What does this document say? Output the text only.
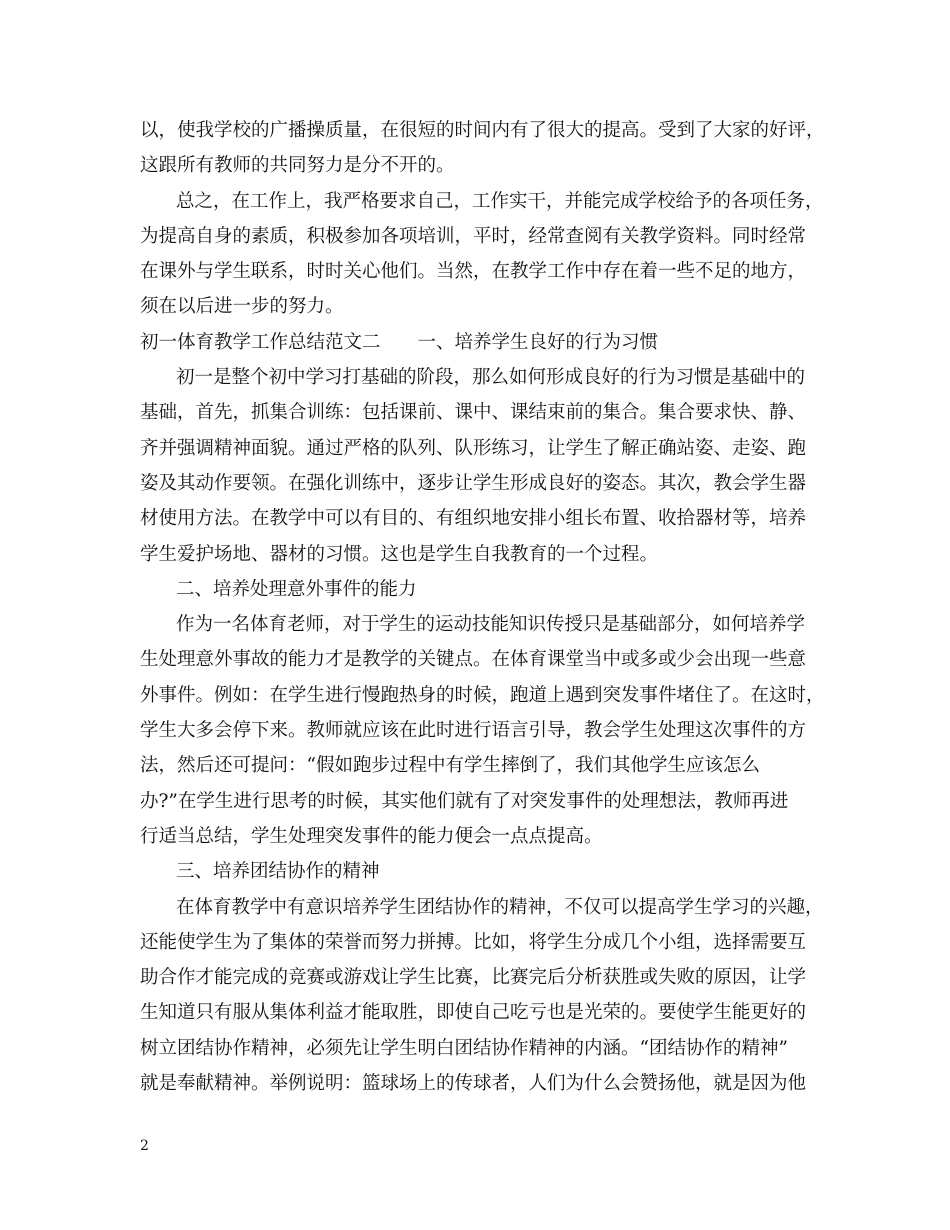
以，使我学校的广播操质量，在很短的时间内有了很大的提高。受到了大家的好评，
这跟所有教师的共同努力是分不开的。
总之，在工作上，我严格要求自己，工作实干，并能完成学校给予的各项任务，
为提高自身的素质，积极参加各项培训，平时，经常查阅有关教学资料。同时经常
在课外与学生联系，时时关心他们。当然，在教学工作中存在着一些不足的地方，
须在以后进一步的努力。
初一体育教学工作总结范文二　　一、培养学生良好的行为习惯
初一是整个初中学习打基础的阶段，那么如何形成良好的行为习惯是基础中的
基础，首先，抓集合训练：包括课前、课中、课结束前的集合。集合要求快、静、
齐并强调精神面貌。通过严格的队列、队形练习，让学生了解正确站姿、走姿、跑
姿及其动作要领。在强化训练中，逐步让学生形成良好的姿态。其次，教会学生器
材使用方法。在教学中可以有目的、有组织地安排小组长布置、收拾器材等，培养
学生爱护场地、器材的习惯。这也是学生自我教育的一个过程。
二、培养处理意外事件的能力
作为一名体育老师，对于学生的运动技能知识传授只是基础部分，如何培养学
生处理意外事故的能力才是教学的关键点。在体育课堂当中或多或少会出现一些意
外事件。例如：在学生进行慢跑热身的时候，跑道上遇到突发事件堵住了。在这时，
学生大多会停下来。教师就应该在此时进行语言引导，教会学生处理这次事件的方
法，然后还可提问：“假如跑步过程中有学生摔倒了，我们其他学生应该怎么
办?”在学生进行思考的时候，其实他们就有了对突发事件的处理想法，教师再进
行适当总结，学生处理突发事件的能力便会一点点提高。
三、培养团结协作的精神
在体育教学中有意识培养学生团结协作的精神，不仅可以提高学生学习的兴趣，
还能使学生为了集体的荣誉而努力拼搏。比如，将学生分成几个小组，选择需要互
助合作才能完成的竞赛或游戏让学生比赛，比赛完后分析获胜或失败的原因，让学
生知道只有服从集体利益才能取胜，即使自己吃亏也是光荣的。要使学生能更好的
树立团结协作精神，必须先让学生明白团结协作精神的内涵。“团结协作的精神”
就是奉献精神。举例说明：篮球场上的传球者，人们为什么会赞扬他，就是因为他
2
